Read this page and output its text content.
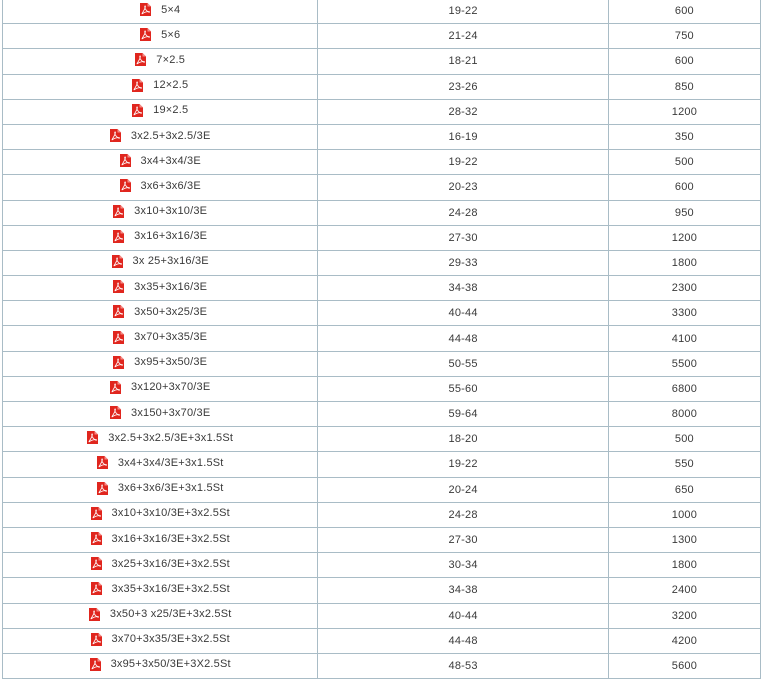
5×4	19-22	600

5×6	21-24	750

7×2.5	18-21	600

12×2.5	23-26	850

19×2.5	28-32	1200

3x2.5+3x2.5/3E	16-19	350

3x4+3x4/3E	19-22	500

3x6+3x6/3E	20-23	600

3x10+3x10/3E	24-28	950

3x16+3x16/3E	27-30	1200

3x 25+3x16/3E	29-33	1800

3x35+3x16/3E	34-38	2300

3x50+3x25/3E	40-44	3300

3x70+3x35/3E	44-48	4100

3x95+3x50/3E	50-55	5500

3x120+3x70/3E	55-60	6800

3x150+3x70/3E	59-64	8000

3x2.5+3x2.5/3E+3x1.5St	18-20	500

3x4+3x4/3E+3x1.5St	19-22	550

3x6+3x6/3E+3x1.5St	20-24	650

3x10+3x10/3E+3x2.5St	24-28	1000

3x16+3x16/3E+3x2.5St	27-30	1300

3x25+3x16/3E+3x2.5St	30-34	1800

3x35+3x16/3E+3x2.5St	34-38	2400

3x50+3 x25/3E+3x2.5St	40-44	3200

3x70+3x35/3E+3x2.5St	44-48	4200

3x95+3x50/3E+3X2.5St	48-53	5600
